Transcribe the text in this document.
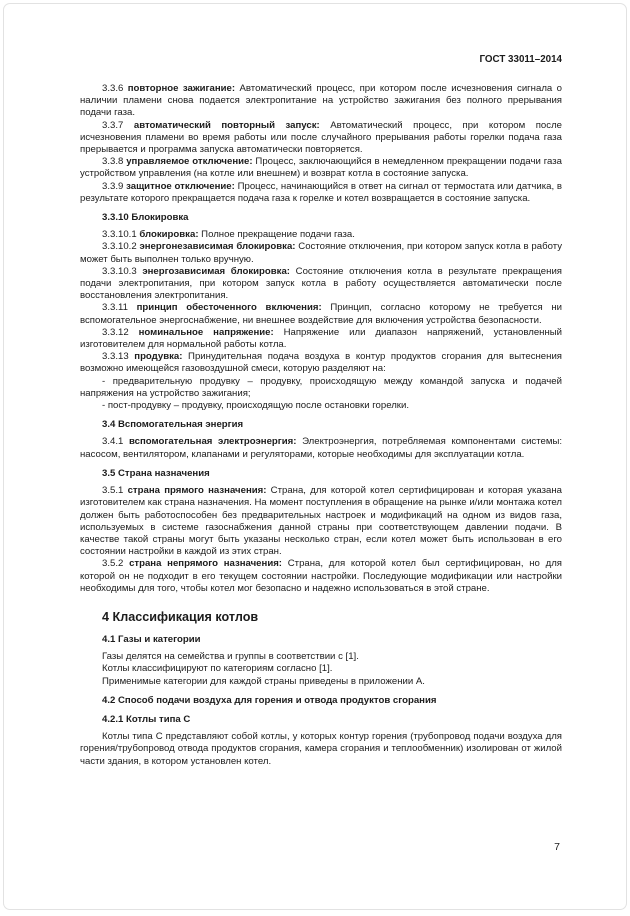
ГОСТ 33011–2014
3.3.6 повторное зажигание: Автоматический процесс, при котором после исчезновения сигнала о наличии пламени снова подается электропитание на устройство зажигания без полного прерывания подачи газа.
3.3.7 автоматический повторный запуск: Автоматический процесс, при котором после исчезновения пламени во время работы или после случайного прерывания работы горелки подача газа прерывается и программа запуска автоматически повторяется.
3.3.8 управляемое отключение: Процесс, заключающийся в немедленном прекращении подачи газа устройством управления (на котле или внешнем) и возврат котла в состояние запуска.
3.3.9 защитное отключение: Процесс, начинающийся в ответ на сигнал от термостата или датчика, в результате которого прекращается подача газа к горелке и котел возвращается в состояние запуска.
3.3.10 Блокировка
3.3.10.1 блокировка: Полное прекращение подачи газа.
3.3.10.2 энергонезависимая блокировка: Состояние отключения, при котором запуск котла в работу может быть выполнен только вручную.
3.3.10.3 энергозависимая блокировка: Состояние отключения котла в результате прекращения подачи электропитания, при котором запуск котла в работу осуществляется автоматически после восстановления электропитания.
3.3.11 принцип обесточенного включения: Принцип, согласно которому не требуется ни вспомогательное энергоснабжение, ни внешнее воздействие для включения устройства безопасности.
3.3.12 номинальное напряжение: Напряжение или диапазон напряжений, установленный изготовителем для нормальной работы котла.
3.3.13 продувка: Принудительная подача воздуха в контур продуктов сгорания для вытеснения возможно имеющейся газовоздушной смеси, которую разделяют на:
- предварительную продувку – продувку, происходящую между командой запуска и подачей напряжения на устройство зажигания;
- пост-продувку – продувку, происходящую после остановки горелки.
3.4 Вспомогательная энергия
3.4.1 вспомогательная электроэнергия: Электроэнергия, потребляемая компонентами системы: насосом, вентилятором, клапанами и регуляторами, которые необходимы для эксплуатации котла.
3.5 Страна назначения
3.5.1 страна прямого назначения: Страна, для которой котел сертифицирован и которая указана изготовителем как страна назначения. На момент поступления в обращение на рынке и/или монтажа котел должен быть работоспособен без предварительных настроек и модификаций на одном из видов газа, используемых в системе газоснабжения данной страны при соответствующем давлении подачи. В качестве такой страны могут быть указаны несколько стран, если котел может быть использован в его состоянии настройки в каждой из этих стран.
3.5.2 страна непрямого назначения: Страна, для которой котел был сертифицирован, но для которой он не подходит в его текущем состоянии настройки. Последующие модификации или настройки необходимы для того, чтобы котел мог безопасно и надежно использоваться в этой стране.
4 Классификация котлов
4.1 Газы и категории
Газы делятся на семейства и группы в соответствии с [1].
Котлы классифицируют по категориям согласно [1].
Применимые категории для каждой страны приведены в приложении А.
4.2 Способ подачи воздуха для горения и отвода продуктов сгорания
4.2.1 Котлы типа С
Котлы типа С представляют собой котлы, у которых контур горения (трубопровод подачи воздуха для горения/трубопровод отвода продуктов сгорания, камера сгорания и теплообменник) изолирован от жилой части здания, в котором установлен котел.
7
